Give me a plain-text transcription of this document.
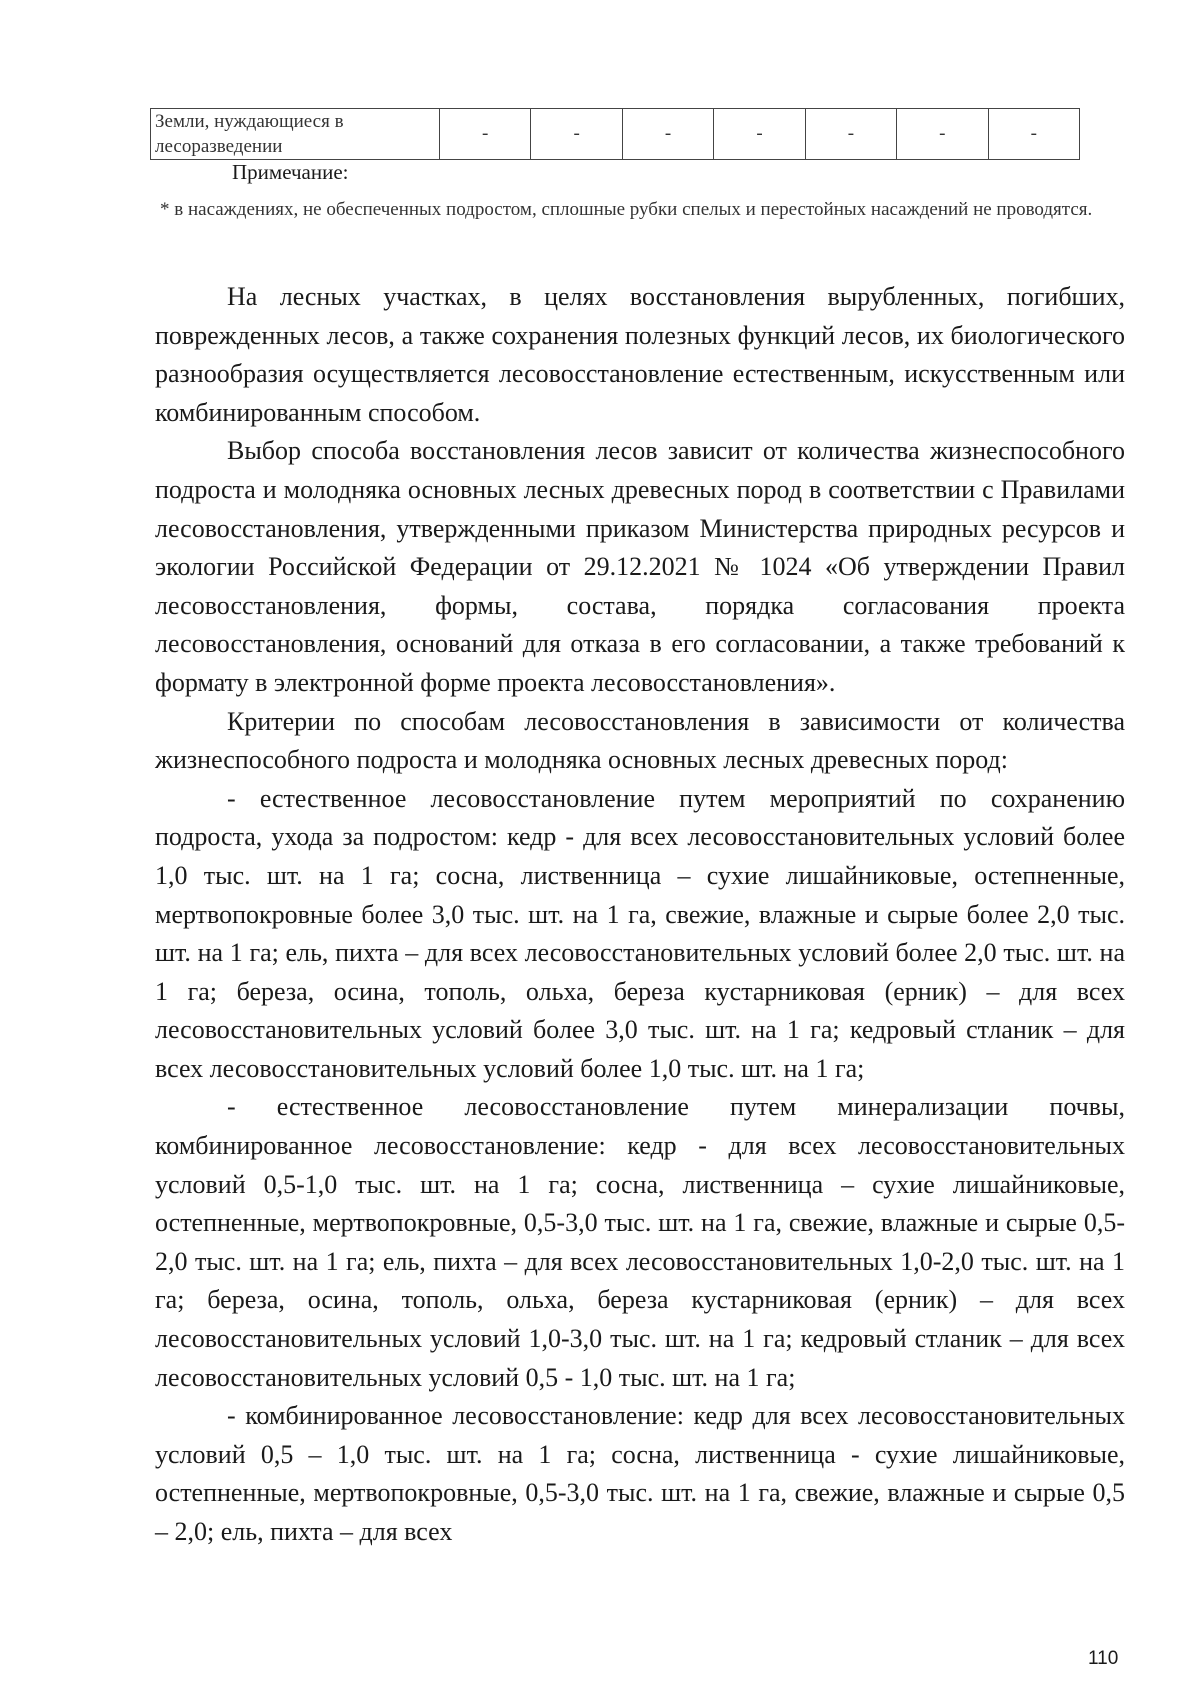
Земли, нуждающиеся в лесоразведении	-	-	-	-	-	-	-
Примечание:
* в насаждениях, не обеспеченных подростом, сплошные рубки спелых и перестойных насаждений не проводятся.

На лесных участках, в целях восстановления вырубленных, погибших, поврежденных лесов, а также сохранения полезных функций лесов, их биологического разнообразия осуществляется лесовосстановление естественным, искусственным или комбинированным способом.

Выбор способа восстановления лесов зависит от количества жизнеспособного подроста и молодняка основных лесных древесных пород в соответствии с Правилами лесовосстановления, утвержденными приказом Министерства природных ресурсов и экологии Российской Федерации от 29.12.2021 № 1024 «Об утверждении Правил лесовосстановления, формы, состава, порядка согласования проекта лесовосстановления, оснований для отказа в его согласовании, а также требований к формату в электронной форме проекта лесовосстановления».

Критерии по способам лесовосстановления в зависимости от количества жизнеспособного подроста и молодняка основных лесных древесных пород:

- естественное лесовосстановление путем мероприятий по сохранению подроста, ухода за подростом: кедр - для всех лесовосстановительных условий более 1,0 тыс. шт. на 1 га; сосна, лиственница – сухие лишайниковые, остепненные, мертвопокровные более 3,0 тыс. шт. на 1 га, свежие, влажные и сырые более 2,0 тыс. шт. на 1 га; ель, пихта – для всех лесовосстановительных условий более 2,0 тыс. шт. на 1 га; береза, осина, тополь, ольха, береза кустарниковая (ерник) – для всех лесовосстановительных условий более 3,0 тыс. шт. на 1 га; кедровый стланик – для всех лесовосстановительных условий более 1,0 тыс. шт. на 1 га;

- естественное лесовосстановление путем минерализации почвы, комбинированное лесовосстановление: кедр - для всех лесовосстановительных условий 0,5-1,0 тыс. шт. на 1 га; сосна, лиственница – сухие лишайниковые, остепненные, мертвопокровные, 0,5-3,0 тыс. шт. на 1 га, свежие, влажные и сырые 0,5-2,0 тыс. шт. на 1 га; ель, пихта – для всех лесовосстановительных 1,0-2,0 тыс. шт. на 1 га; береза, осина, тополь, ольха, береза кустарниковая (ерник) – для всех лесовосстановительных условий 1,0-3,0 тыс. шт. на 1 га; кедровый стланик – для всех лесовосстановительных условий 0,5 - 1,0 тыс. шт. на 1 га;

- комбинированное лесовосстановление: кедр для всех лесовосстановительных условий 0,5 – 1,0 тыс. шт. на 1 га; сосна, лиственница - сухие лишайниковые, остепненные, мертвопокровные, 0,5-3,0 тыс. шт. на 1 га, свежие, влажные и сырые 0,5 – 2,0; ель, пихта – для всех

110
